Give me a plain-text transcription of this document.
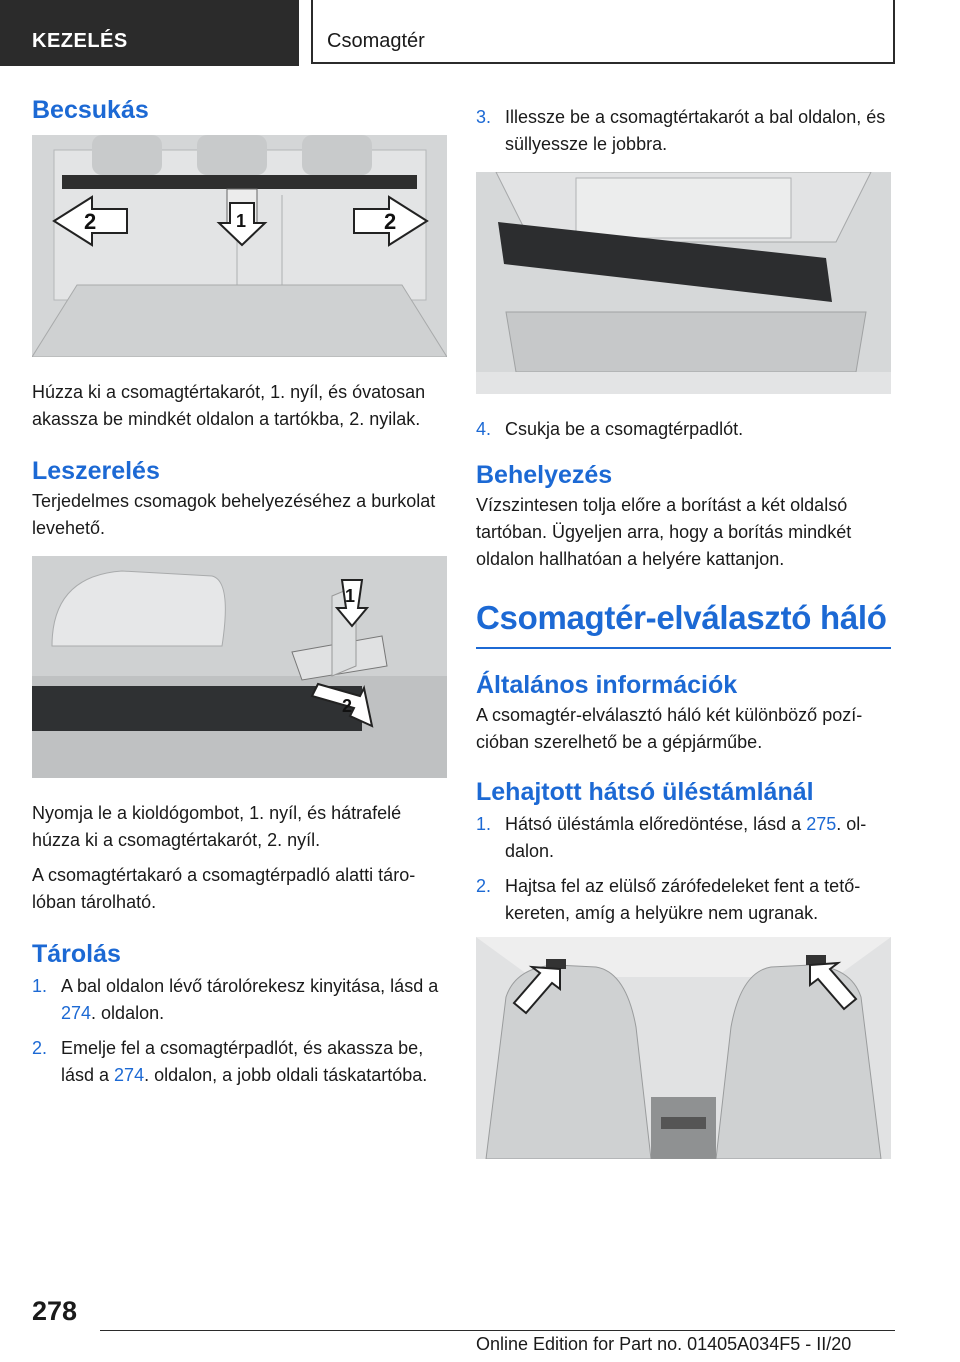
KEZELÉS	Csomagtér
Becsukás
2	2
1

Húzza ki a csomagtértakarót, 1. nyíl, és óvatosan akassza be mindkét oldalon a tartókba, 2. nyilak.

Leszerelés

Terjedelmes csomagok behelyezéséhez a burkolat levehető.

1
2

Nyomja le a kioldógombot, 1. nyíl, és hátrafelé húzza ki a csomagtértakarót, 2. nyíl.

A csomagtértakaró a csomagtérpadló alatti tárolóban tárolható.

Tárolás
1. A bal oldalon lévő tárolórekesz kinyitása, lásd a 274. oldalon.
2. Emelje fel a csomagtérpadlót, és akassza be, lásd a 274. oldalon, a jobb oldali táskatartóba.
3. Illessze be a csomagtértakarót a bal oldalon, és süllyessze le jobbra.
4. Csukja be a csomagtérpadlót.
Behelyezés

Vízszintesen tolja előre a borítást a két oldalsó tartóban. Ügyeljen arra, hogy a borítás mindkét oldalon hallhatóan a helyére kattanjon.

Csomagtér-elválasztó háló
Általános információk

A csomagtér-elválasztó háló két különböző pozícióban szerelhető be a gépjárműbe.

Lehajtott hátsó üléstámlánál
1. Hátsó üléstámla előredöntése, lásd a 275. oldalon.
2. Hajtsa fel az elülső zárófedeleket fent a tetőkereten, amíg a helyükre nem ugranak.
278
Online Edition for Part no. 01405A034F5 - II/20
